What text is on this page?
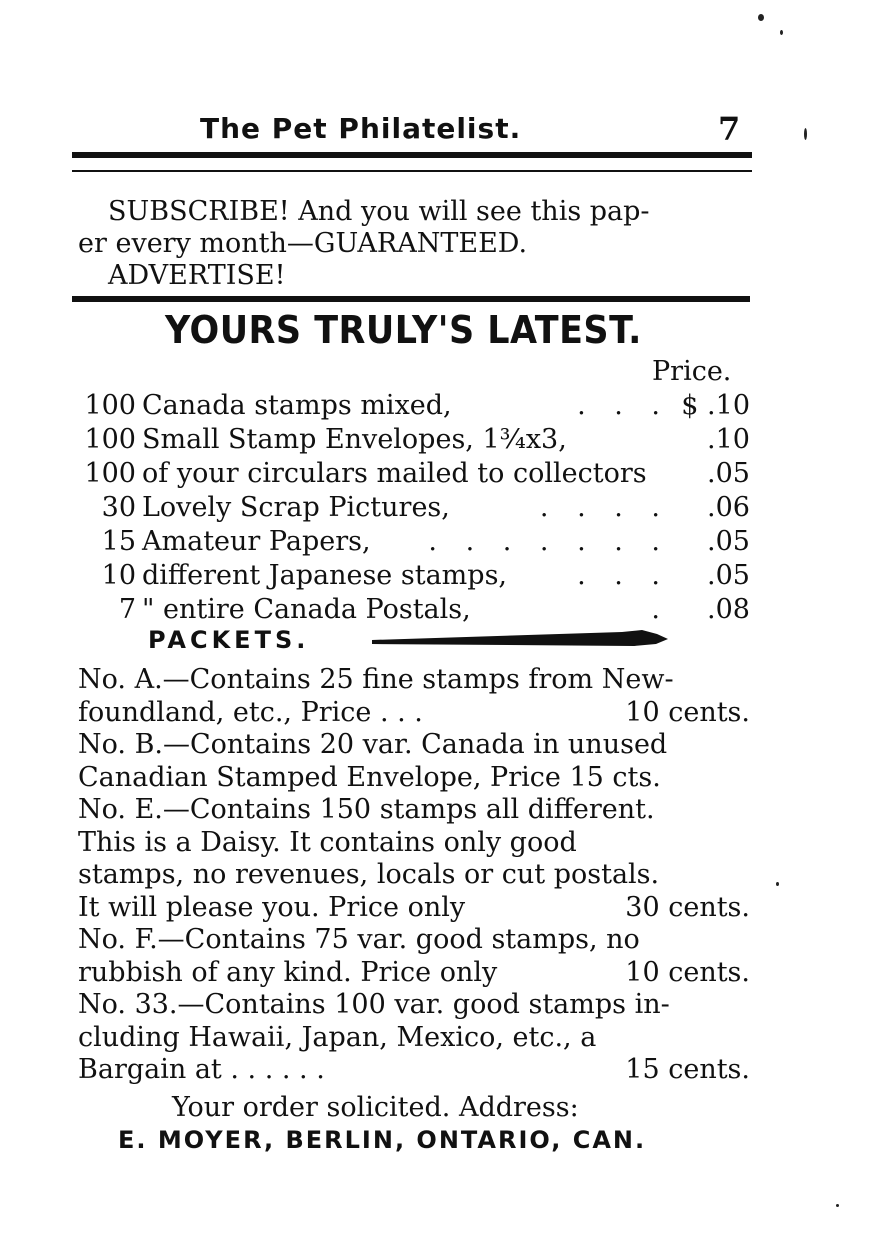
The Pet Philatelist.	7
SUBSCRIBE! And you will see this pap-
er every month—GUARANTEED.
ADVERTISE!
YOURS TRULY'S LATEST.
Price.
100 Canada stamps mixed,	. . . $ .10
100 Small Stamp Envelopes, 1¾x3,	.10
100 of your circulars mailed to collectors .05
30 Lovely Scrap Pictures,	. . . . .06
15 Amateur Papers, . . . . . . . .05
10 different Japanese stamps,	. . . .05
7 " entire Canada Postals,	. .08
PACKETS.
No. A.—Contains 25 fine stamps from New-
foundland, etc., Price . . .	10 cents.
No. B.—Contains 20 var. Canada in unused
Canadian Stamped Envelope, Price 15 cts.
No. E.—Contains 150 stamps all different.
This is a Daisy. It contains only good
stamps, no revenues, locals or cut postals.
It will please you. Price only	30 cents.
No. F.—Contains 75 var. good stamps, no
rubbish of any kind. Price only	10 cents.
No. 33.—Contains 100 var. good stamps in-
cluding Hawaii, Japan, Mexico, etc., a
Bargain at . . . . . .	15 cents.
Your order solicited. Address:
E. MOYER, BERLIN, ONTARIO, CAN.
